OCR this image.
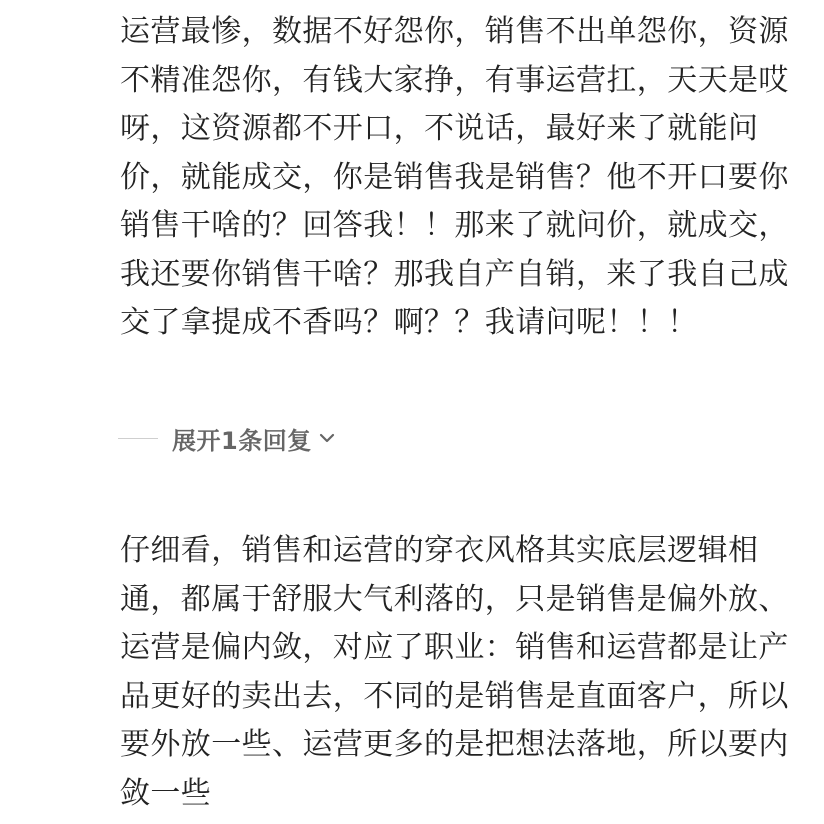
运营最惨，数据不好怨你，销售不出单怨你，资源不精准怨你，有钱大家挣，有事运营扛，天天是哎呀，这资源都不开口，不说话，最好来了就能问价，就能成交，你是销售我是销售？他不开口要你销售干啥的？回答我！！那来了就问价，就成交，我还要你销售干啥？那我自产自销，来了我自己成交了拿提成不香吗？啊？？我请问呢！！！

展开1条回复

仔细看，销售和运营的穿衣风格其实底层逻辑相通，都属于舒服大气利落的，只是销售是偏外放、运营是偏内敛，对应了职业：销售和运营都是让产品更好的卖出去，不同的是销售是直面客户，所以要外放一些、运营更多的是把想法落地，所以要内敛一些
